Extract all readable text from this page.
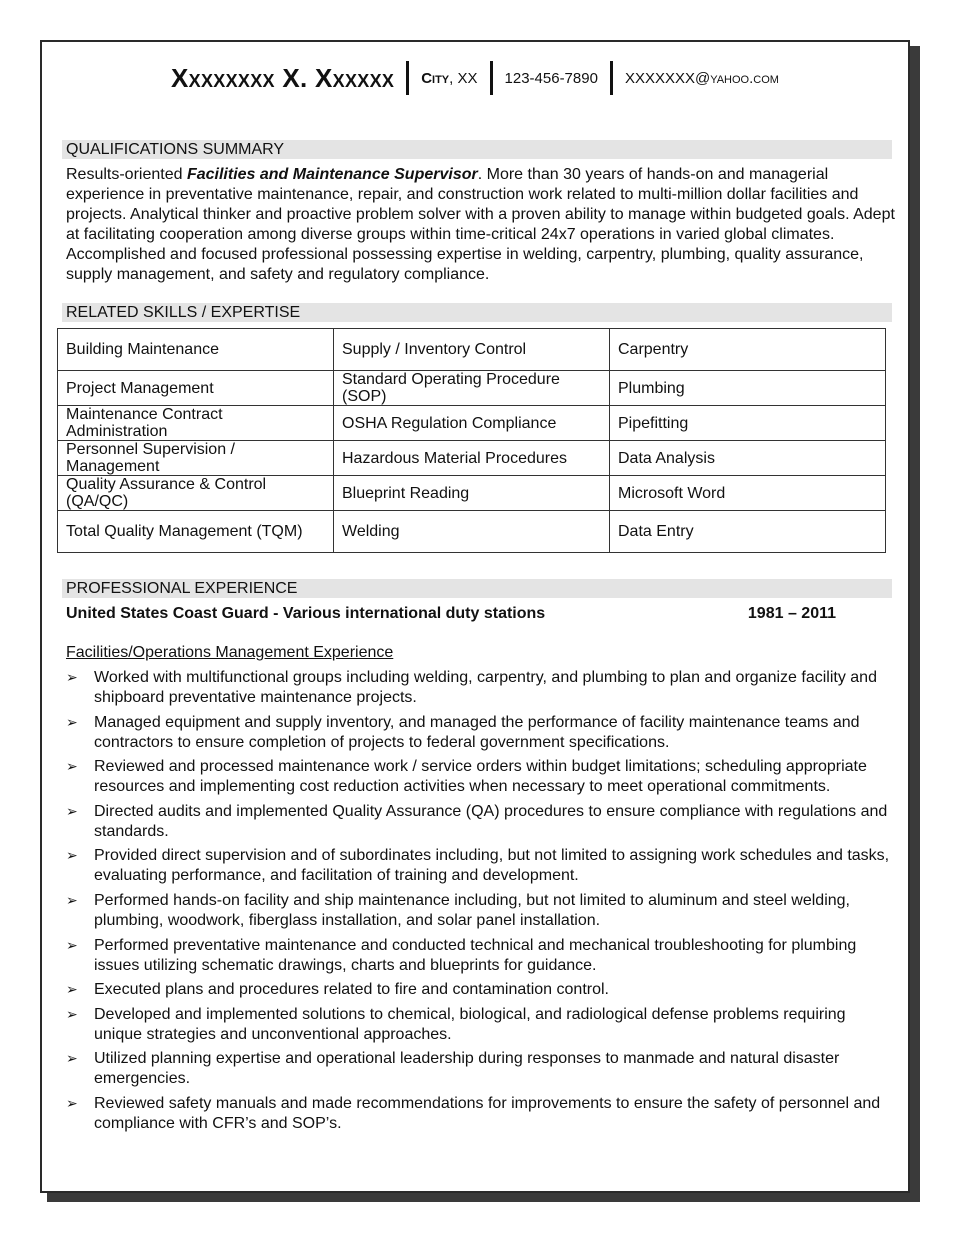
Xxxxxxxx X. Xxxxxx City, XX 123-456-7890 XXXXXXX@yahoo.com
QUALIFICATIONS SUMMARY

Results-oriented Facilities and Maintenance Supervisor. More than 30 years of hands-on and managerial experience in preventative maintenance, repair, and construction work related to multi-million dollar facilities and projects. Analytical thinker and proactive problem solver with a proven ability to manage within budgeted goals. Adept at facilitating cooperation among diverse groups within time-critical 24x7 operations in varied global climates. Accomplished and focused professional possessing expertise in welding, carpentry, plumbing, quality assurance, supply management, and safety and regulatory compliance.

RELATED SKILLS / EXPERTISE
Building Maintenance	Supply / Inventory Control	Carpentry
Project Management	Standard Operating Procedure (SOP)	Plumbing
Maintenance Contract Administration	OSHA Regulation Compliance	Pipefitting
Personnel Supervision / Management	Hazardous Material Procedures	Data Analysis
Quality Assurance & Control (QA/QC)	Blueprint Reading	Microsoft Word
Total Quality Management (TQM)	Welding	Data Entry
PROFESSIONAL EXPERIENCE
United States Coast Guard - Various international duty stations	1981 – 2011
Facilities/Operations Management Experience
➢ Worked with multifunctional groups including welding, carpentry, and plumbing to plan and organize facility and shipboard preventative maintenance projects.
➢ Managed equipment and supply inventory, and managed the performance of facility maintenance teams and contractors to ensure completion of projects to federal government specifications.
➢ Reviewed and processed maintenance work / service orders within budget limitations; scheduling appropriate resources and implementing cost reduction activities when necessary to meet operational commitments.
➢ Directed audits and implemented Quality Assurance (QA) procedures to ensure compliance with regulations and standards.
➢ Provided direct supervision and of subordinates including, but not limited to assigning work schedules and tasks, evaluating performance, and facilitation of training and development.
➢ Performed hands-on facility and ship maintenance including, but not limited to aluminum and steel welding, plumbing, woodwork, fiberglass installation, and solar panel installation.
➢ Performed preventative maintenance and conducted technical and mechanical troubleshooting for plumbing issues utilizing schematic drawings, charts and blueprints for guidance.
➢ Executed plans and procedures related to fire and contamination control.
➢ Developed and implemented solutions to chemical, biological, and radiological defense problems requiring unique strategies and unconventional approaches.
➢ Utilized planning expertise and operational leadership during responses to manmade and natural disaster emergencies.
➢ Reviewed safety manuals and made recommendations for improvements to ensure the safety of personnel and compliance with CFR’s and SOP’s.
